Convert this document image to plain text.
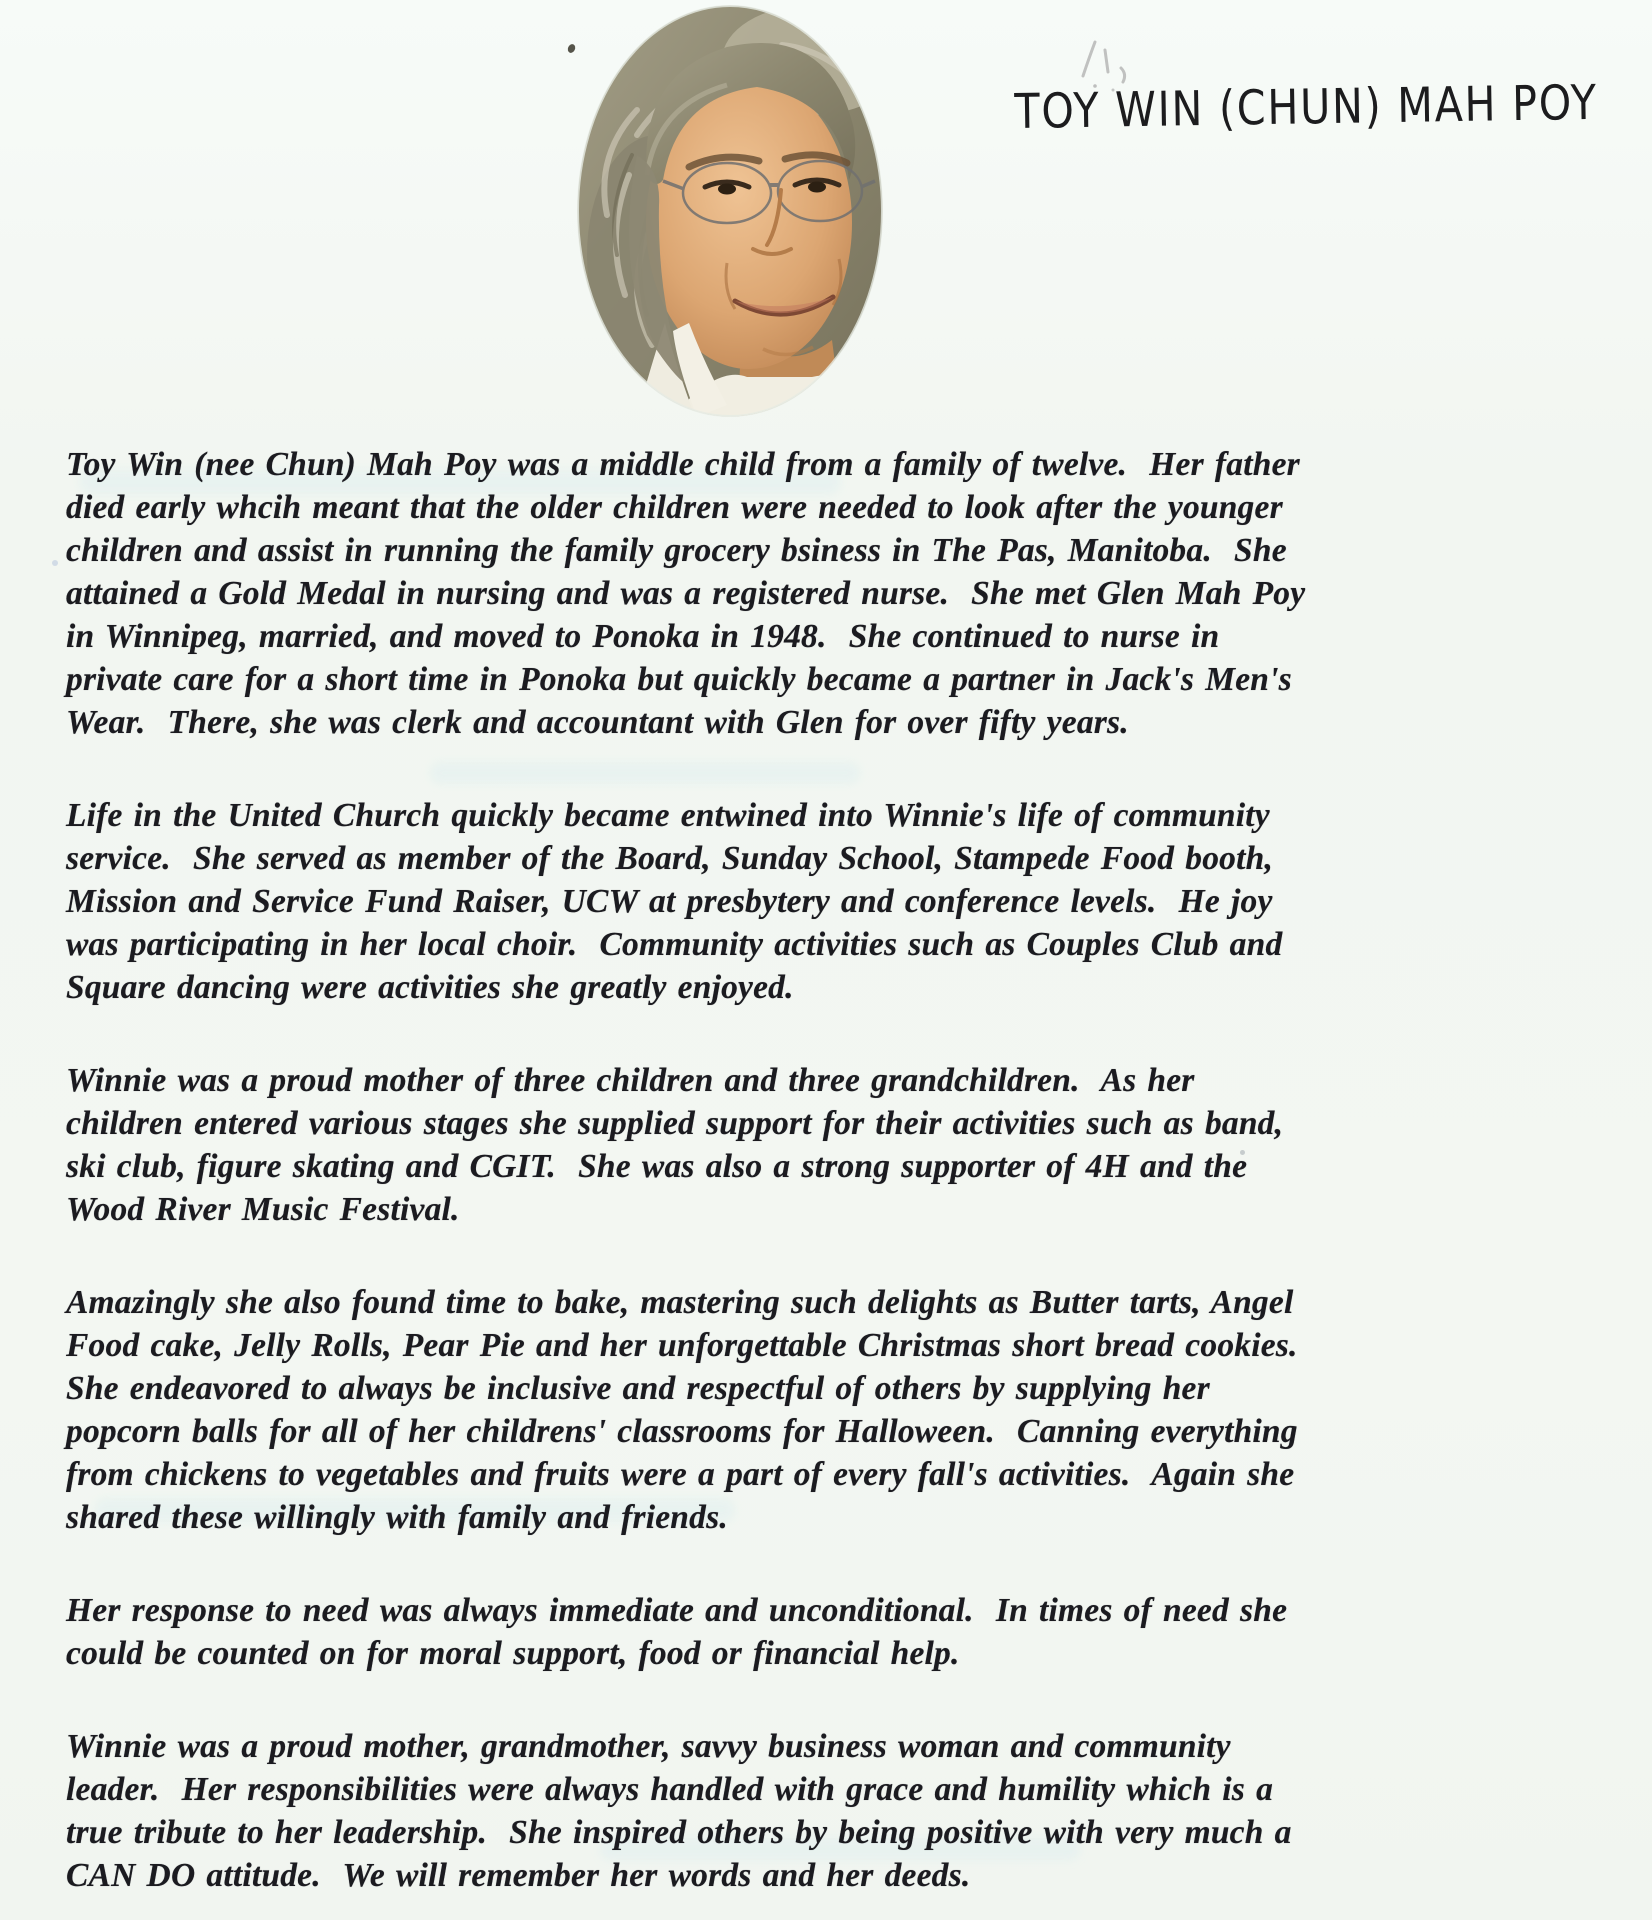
TOY WIN (CHUN) MAH POY
Toy Win (nee Chun) Mah Poy was a middle child from a family of twelve.  Her father
died early whcih meant that the older children were needed to look after the younger
children and assist in running the family grocery bsiness in The Pas, Manitoba.  She
attained a Gold Medal in nursing and was a registered nurse.  She met Glen Mah Poy
in Winnipeg, married, and moved to Ponoka in 1948.  She continued to nurse in
private care for a short time in Ponoka but quickly became a partner in Jack's Men's
Wear.  There, she was clerk and accountant with Glen for over fifty years.
Life in the United Church quickly became entwined into Winnie's life of community
service.  She served as member of the Board, Sunday School, Stampede Food booth,
Mission and Service Fund Raiser, UCW at presbytery and conference levels.  He joy
was participating in her local choir.  Community activities such as Couples Club and
Square dancing were activities she greatly enjoyed.
Winnie was a proud mother of three children and three grandchildren.  As her
children entered various stages she supplied support for their activities such as band,
ski club, figure skating and CGIT.  She was also a strong supporter of 4H and the
Wood River Music Festival.
Amazingly she also found time to bake, mastering such delights as Butter tarts, Angel
Food cake, Jelly Rolls, Pear Pie and her unforgettable Christmas short bread cookies.
She endeavored to always be inclusive and respectful of others by supplying her
popcorn balls for all of her childrens' classrooms for Halloween.  Canning everything
from chickens to vegetables and fruits were a part of every fall's activities.  Again she
shared these willingly with family and friends.
Her response to need was always immediate and unconditional.  In times of need she
could be counted on for moral support, food or financial help.
Winnie was a proud mother, grandmother, savvy business woman and community
leader.  Her responsibilities were always handled with grace and humility which is a
true tribute to her leadership.  She inspired others by being positive with very much a
CAN DO attitude.  We will remember her words and her deeds.
